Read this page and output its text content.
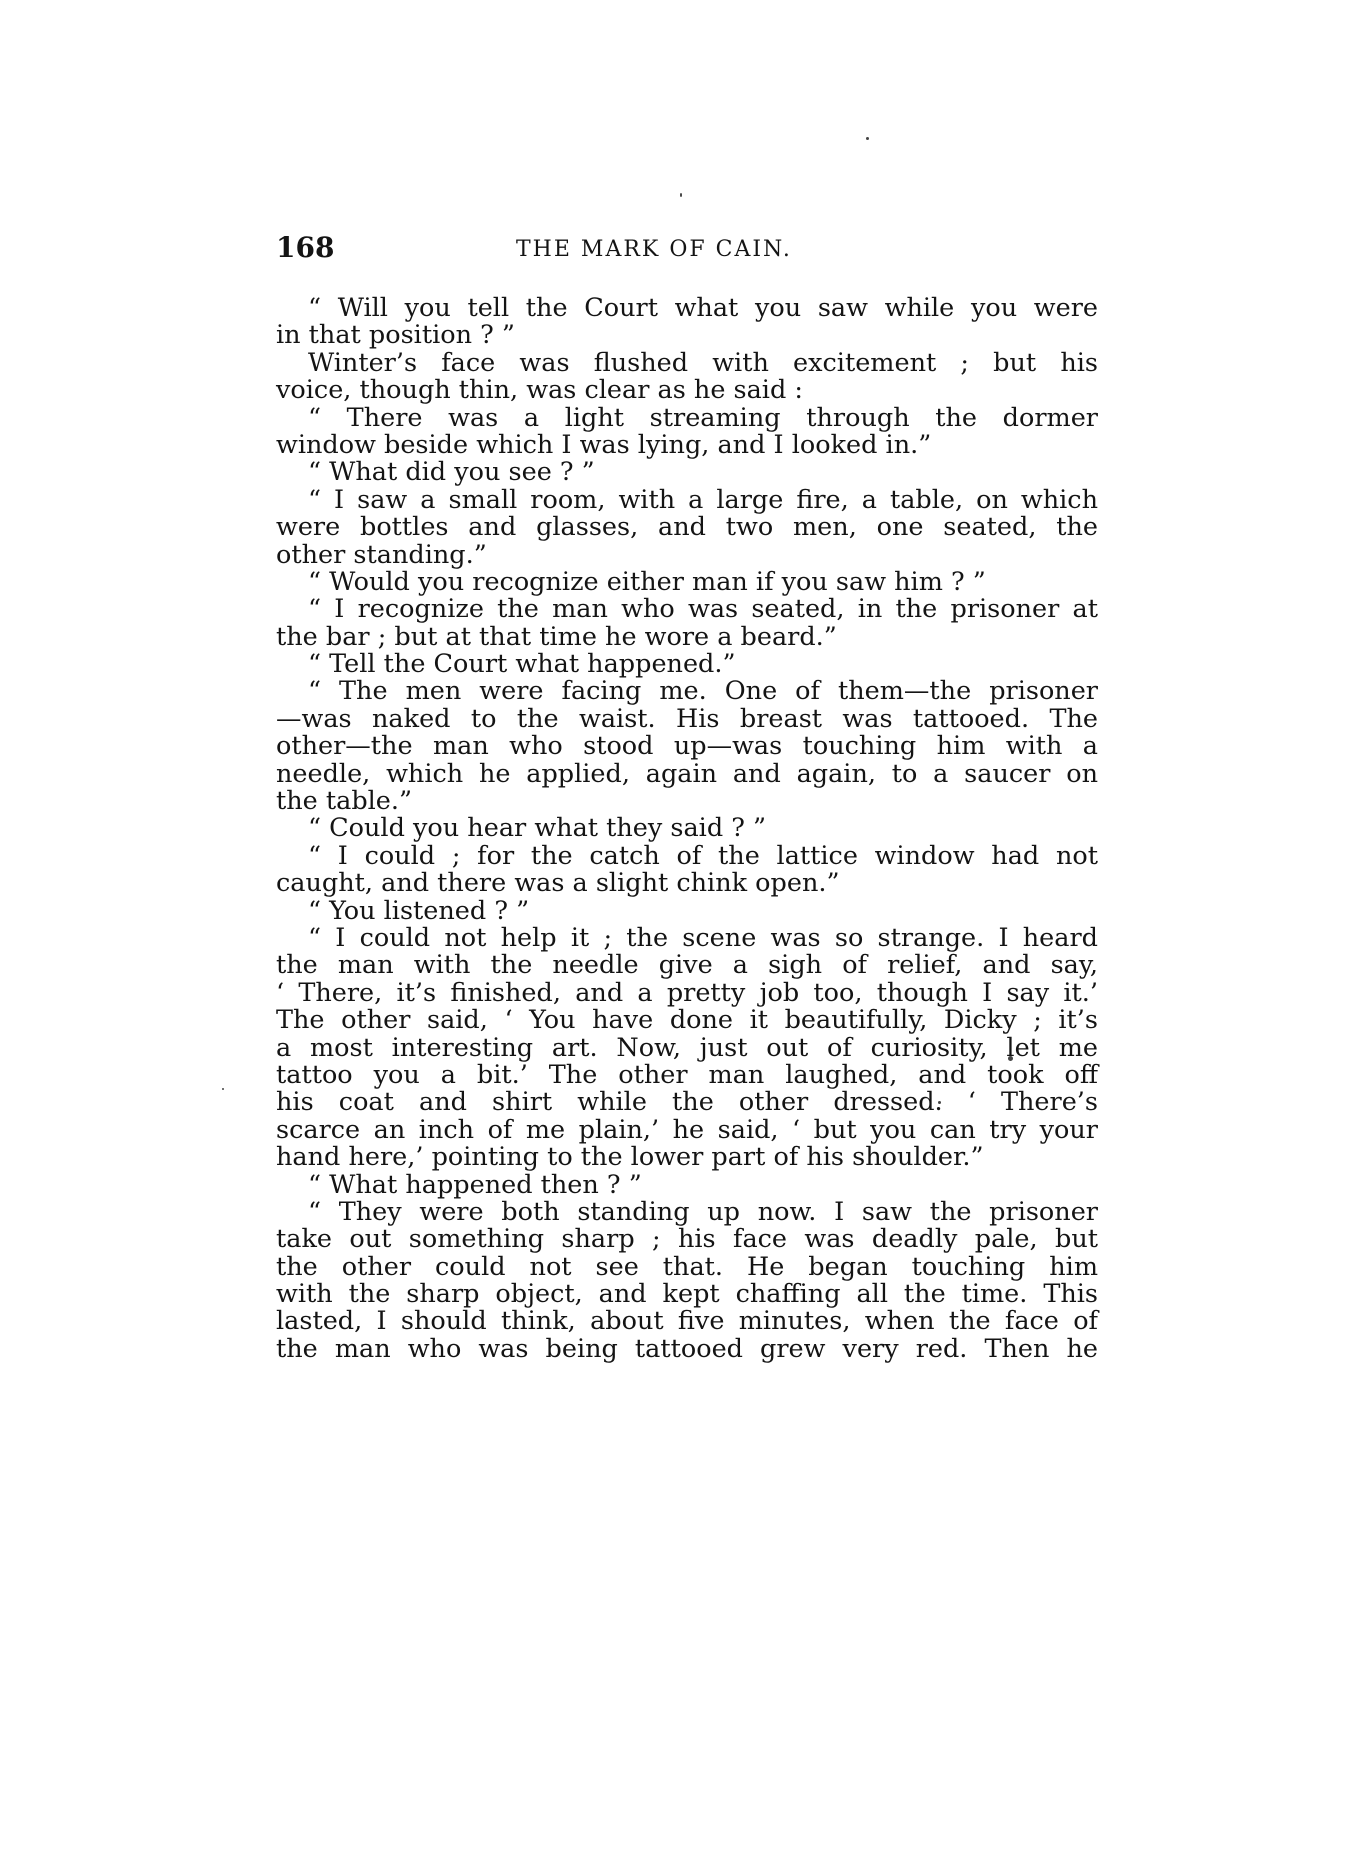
168	THE MARK OF CAIN.
“ Will you tell the Court what you saw while you were
in that position ? ”
Winter’s face was flushed with excitement ; but his
voice, though thin, was clear as he said :
“ There was a light streaming through the dormer
window beside which I was lying, and I looked in.”
“ What did you see ? ”
“ I saw a small room, with a large fire, a table, on which
were bottles and glasses, and two men, one seated, the
other standing.”
“ Would you recognize either man if you saw him ? ”
“ I recognize the man who was seated, in the prisoner at
the bar ; but at that time he wore a beard.”
“ Tell the Court what happened.”
“ The men were facing me. One of them—the prisoner
—was naked to the waist. His breast was tattooed. The
other—the man who stood up—was touching him with a
needle, which he applied, again and again, to a saucer on
the table.”
“ Could you hear what they said ? ”
“ I could ; for the catch of the lattice window had not
caught, and there was a slight chink open.”
“ You listened ? ”
“ I could not help it ; the scene was so strange. I heard
the man with the needle give a sigh of relief, and say,
‘ There, it’s finished, and a pretty job too, though I say it.’
The other said, ‘ You have done it beautifully, Dicky ; it’s
a most interesting art. Now, just out of curiosity, let me
tattoo you a bit.’ The other man laughed, and took off
his coat and shirt while the other dressed. ‘ There’s
scarce an inch of me plain,’ he said, ‘ but you can try your
hand here,’ pointing to the lower part of his shoulder.”
“ What happened then ? ”
“ They were both standing up now. I saw the prisoner
take out something sharp ; his face was deadly pale, but
the other could not see that. He began touching him
with the sharp object, and kept chaffing all the time. This
lasted, I should think, about five minutes, when the face of
the man who was being tattooed grew very red. Then he
